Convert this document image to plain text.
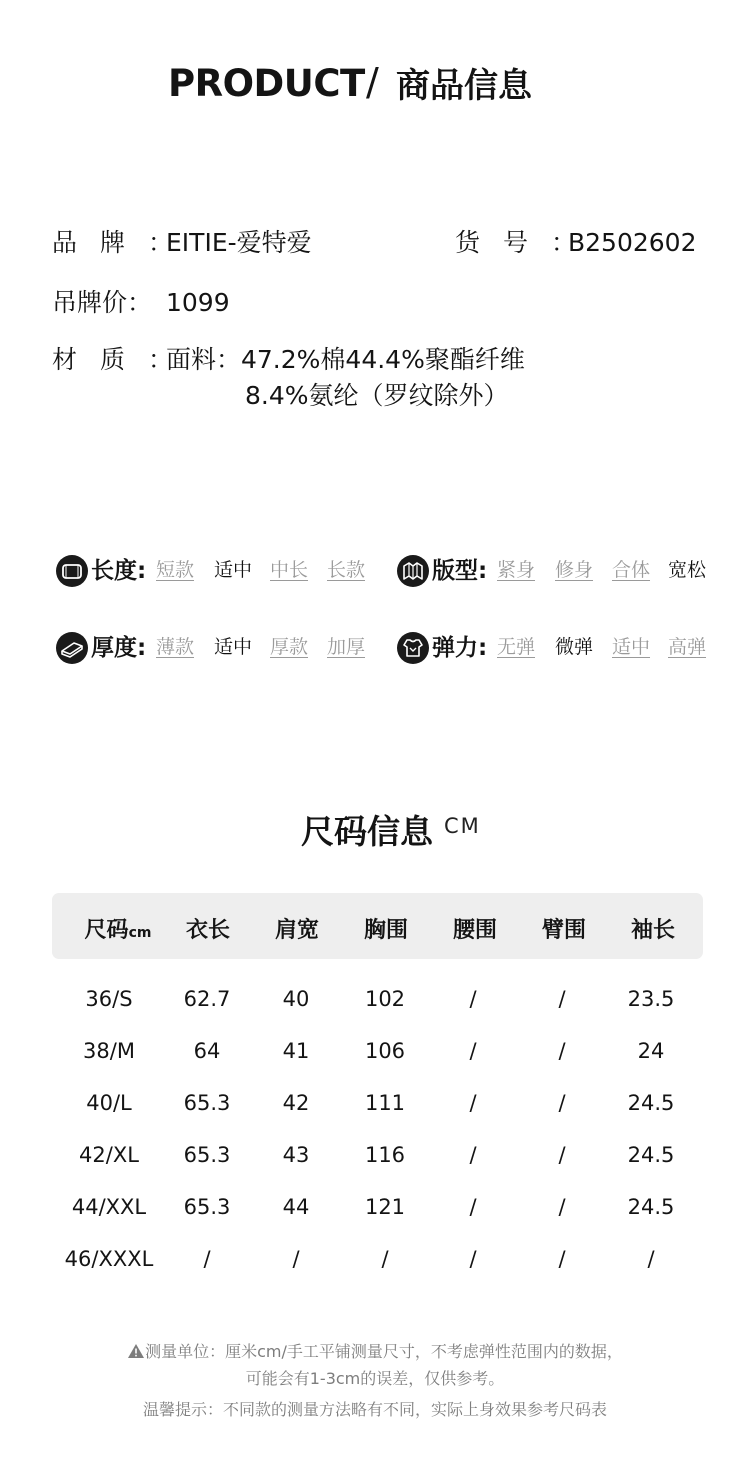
PRODUCT / 商品信息
品牌：
EITIE-爱特爱	货号：
B2502602
吊牌价： 1099
材质：
面料：47.2%棉44.4%聚酯纤维
8.4%氨纶（罗纹除外）
长度: 短款 适中 中长 长款	版型: 紧身 修身 合体 宽松
厚度: 薄款 适中 厚款 加厚	弹力: 无弹 微弹 适中 高弹
尺码信息 CM
尺码cm	衣长	肩宽	胸围	腰围	臂围	袖长
36/S	62.7	40	102	/	/	23.5
38/M	64	41	106	/	/	24
40/L	65.3	42	111	/	/	24.5
42/XL	65.3	43	116	/	/	24.5
44/XXL	65.3	44	121	/	/	24.5
46/XXXL	/	/	/	/	/	/
测量单位：厘米cm/手工平铺测量尺寸，不考虑弹性范围内的数据，
可能会有1-3cm的误差，仅供参考。
温馨提示：不同款的测量方法略有不同，实际上身效果参考尺码表
